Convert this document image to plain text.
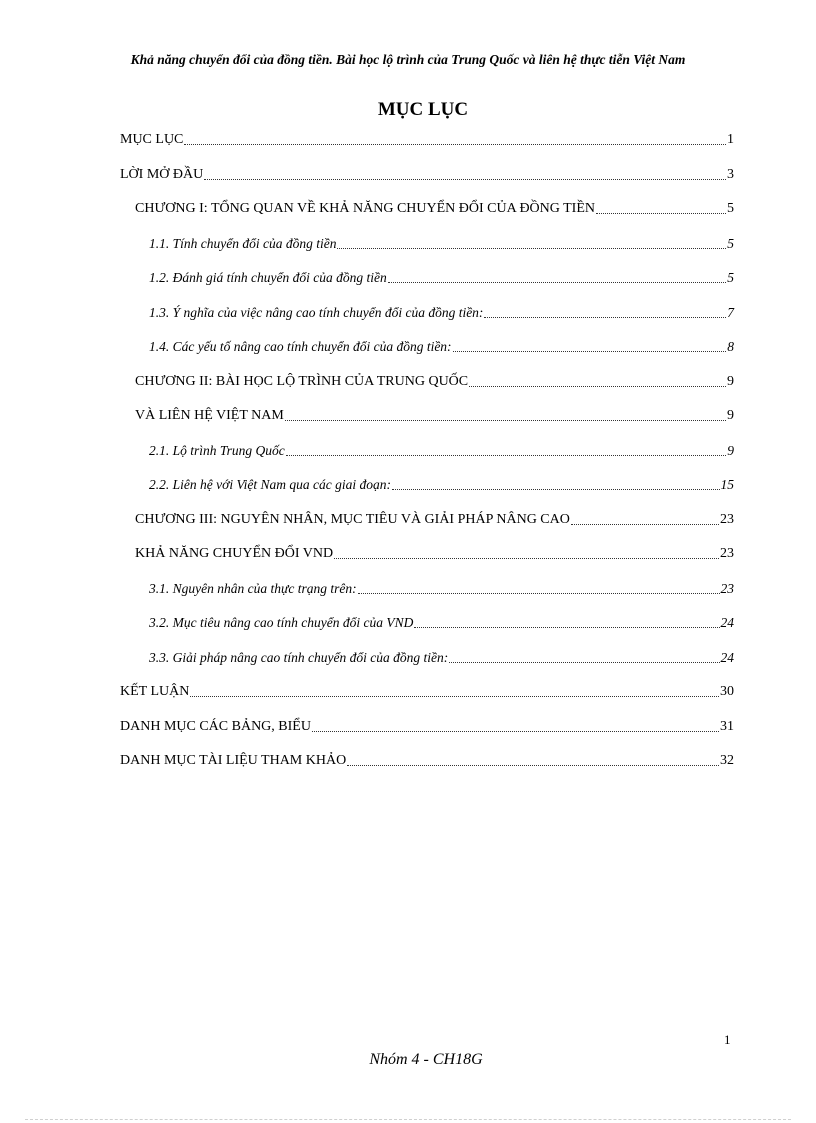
Khả năng chuyển đổi của đồng tiền. Bài học lộ trình của Trung Quốc và liên hệ thực tiễn Việt Nam
MỤC LỤC
MỤC LỤC	1
LỜI MỞ ĐẦU	3
CHƯƠNG I: TỔNG QUAN VỀ KHẢ NĂNG CHUYỂN ĐỔI CỦA ĐỒNG TIỀN	5
1.1. Tính chuyển đổi của đồng tiền	5
1.2. Đánh giá tính chuyển đổi của đồng tiền	5
1.3. Ý nghĩa của việc nâng cao tính chuyển đổi của đồng tiền:	7
1.4. Các yếu tố nâng cao tính chuyển đổi của đồng tiền:	8
CHƯƠNG II: BÀI HỌC LỘ TRÌNH CỦA TRUNG QUỐC	9
VÀ LIÊN HỆ VIỆT NAM	9
2.1. Lộ trình Trung Quốc	9
2.2. Liên hệ với Việt Nam qua các giai đoạn:	15
CHƯƠNG III: NGUYÊN NHÂN, MỤC TIÊU VÀ GIẢI PHÁP NÂNG CAO	23
KHẢ NĂNG CHUYỂN ĐỔI VND	23
3.1. Nguyên nhân của thực trạng trên:	23
3.2. Mục tiêu nâng cao tính chuyển đổi của VND	24
3.3. Giải pháp nâng cao tính chuyển đổi của đồng tiền:	24
KẾT LUẬN	30
DANH MỤC CÁC BẢNG, BIỂU	31
DANH MỤC TÀI LIỆU THAM KHẢO	32
1
Nhóm 4 - CH18G
